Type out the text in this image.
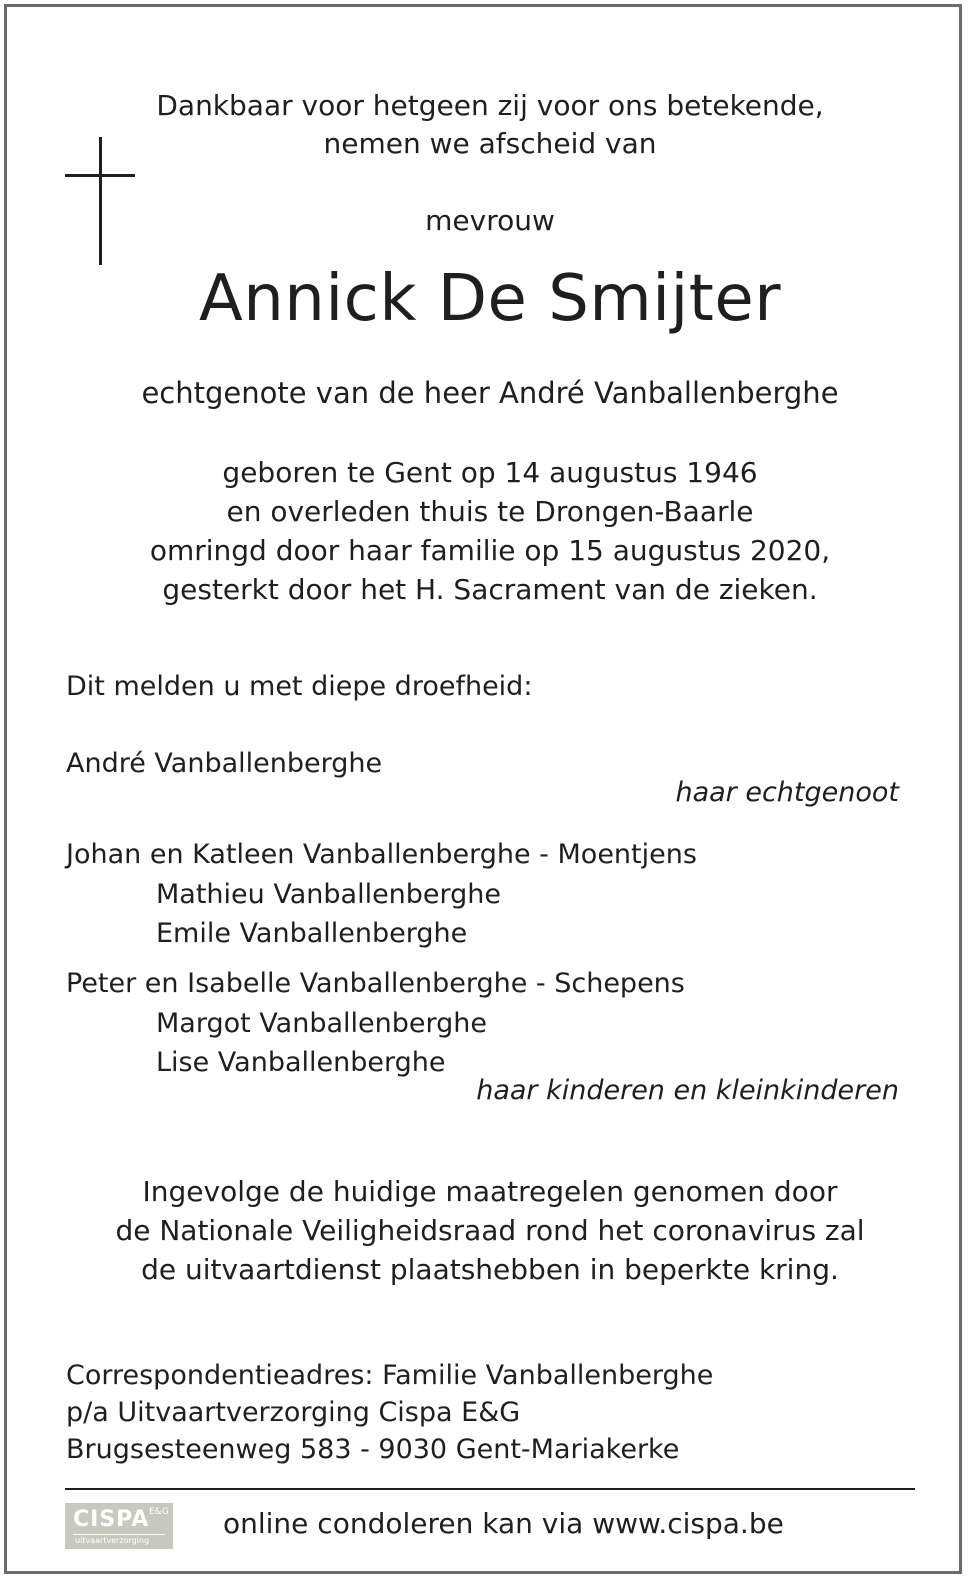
Dankbaar voor hetgeen zij voor ons betekende,
nemen we afscheid van
mevrouw
Annick De Smijter
echtgenote van de heer André Vanballenberghe
geboren te Gent op 14 augustus 1946
en overleden thuis te Drongen-Baarle
omringd door haar familie op 15 augustus 2020,
gesterkt door het H. Sacrament van de zieken.
Dit melden u met diepe droefheid:
André Vanballenberghe
haar echtgenoot
Johan en Katleen Vanballenberghe - Moentjens
Mathieu Vanballenberghe
Emile Vanballenberghe
Peter en Isabelle Vanballenberghe - Schepens
Margot Vanballenberghe
Lise Vanballenberghe
haar kinderen en kleinkinderen
Ingevolge de huidige maatregelen genomen door
de Nationale Veiligheidsraad rond het coronavirus zal
de uitvaartdienst plaatshebben in beperkte kring.
Correspondentieadres: Familie Vanballenberghe
p/a Uitvaartverzorging Cispa E&G
Brugsesteenweg 583 - 9030 Gent-Mariakerke
CISPA E&G
uitvaartverzorging
online condoleren kan via www.cispa.be
